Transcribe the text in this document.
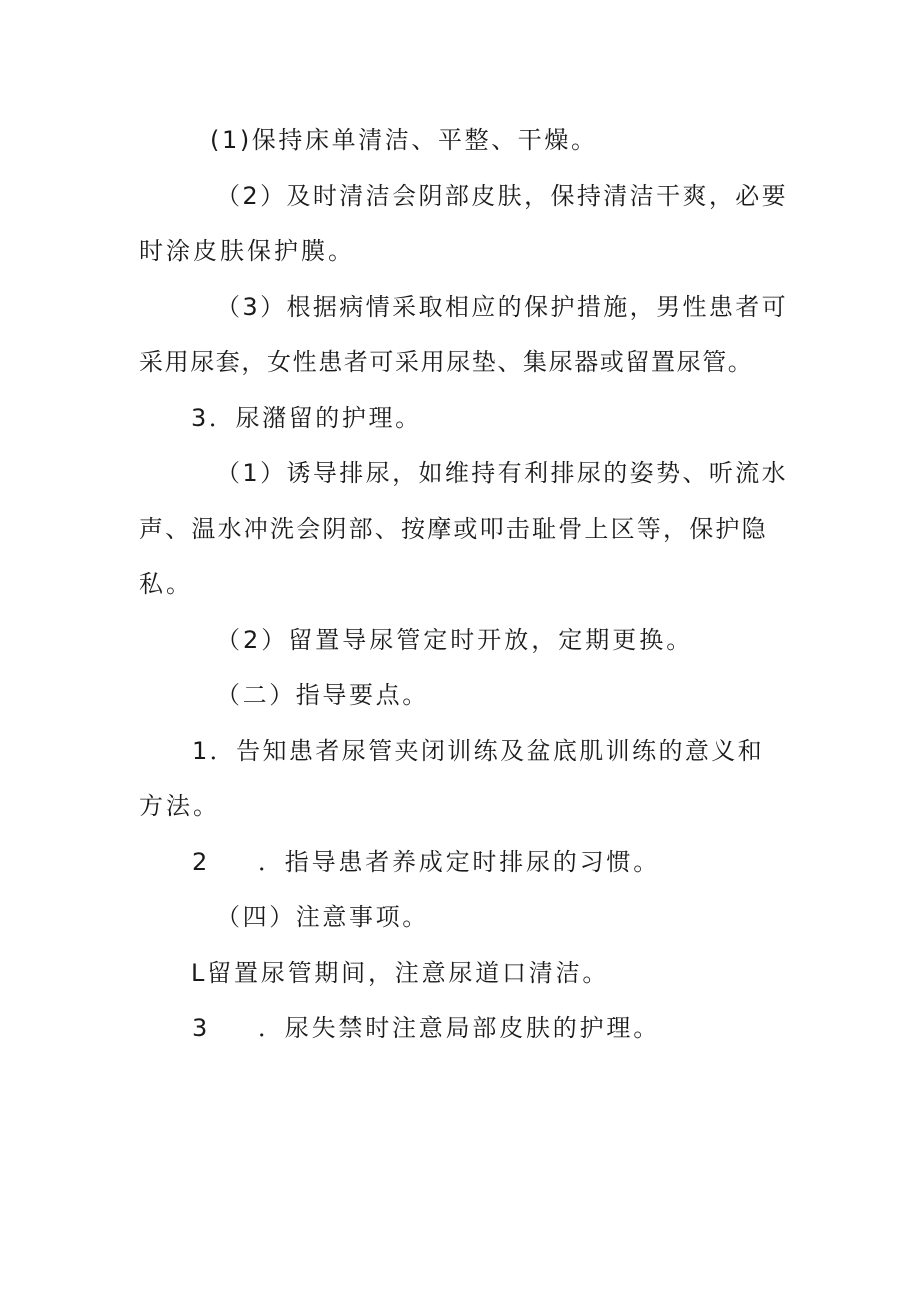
(1)保持床单清洁、平整、干燥。
（2）及时清洁会阴部皮肤，保持清洁干爽，必要
时涂皮肤保护膜。
（3）根据病情采取相应的保护措施，男性患者可
采用尿套，女性患者可采用尿垫、集尿器或留置尿管。
3．尿潴留的护理。
（1）诱导排尿，如维持有利排尿的姿势、听流水
声、温水冲洗会阴部、按摩或叩击耻骨上区等，保护隐
私。
（2）留置导尿管定时开放，定期更换。
（二）指导要点。
1．告知患者尿管夹闭训练及盆底肌训练的意义和
方法。
2 ．指导患者养成定时排尿的习惯。
（四）注意事项。
L留置尿管期间，注意尿道口清洁。
3 ．尿失禁时注意局部皮肤的护理。
